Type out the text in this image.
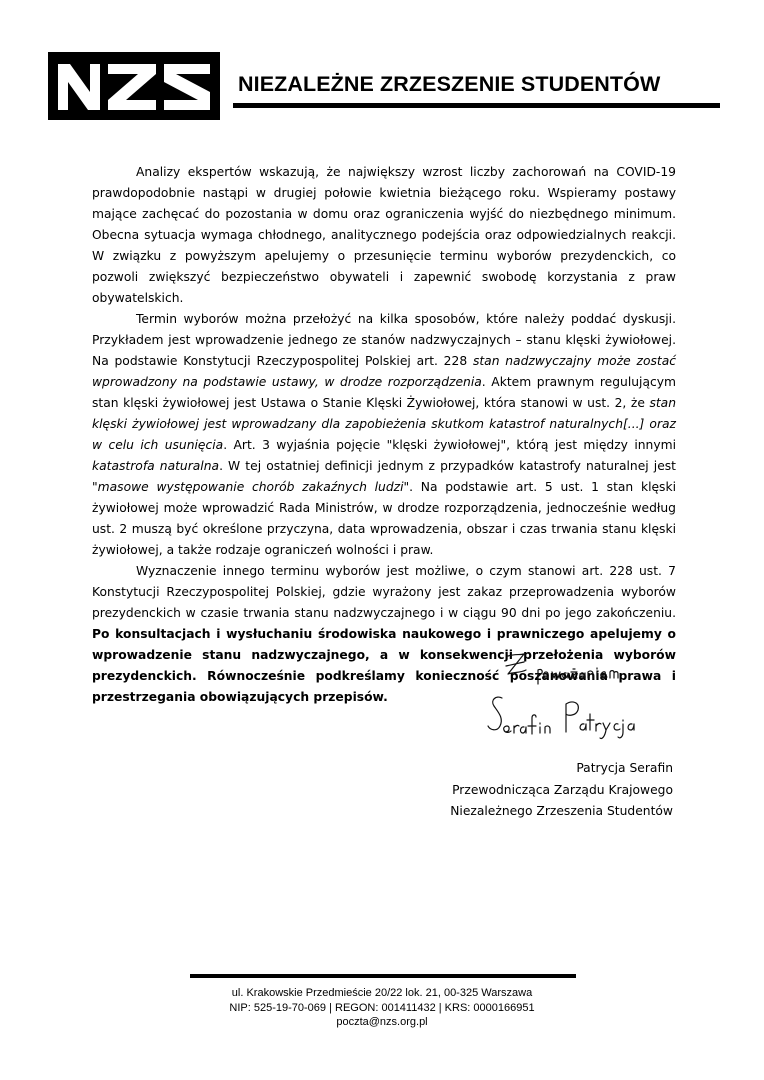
NIEZALEŻNE ZRZESZENIE STUDENTÓW

Analizy ekspertów wskazują, że największy wzrost liczby zachorowań na COVID-19 prawdopodobnie nastąpi w drugiej połowie kwietnia bieżącego roku. Wspieramy postawy mające zachęcać do pozostania w domu oraz ograniczenia wyjść do niezbędnego minimum. Obecna sytuacja wymaga chłodnego, analitycznego podejścia oraz odpowiedzialnych reakcji. W związku z powyższym apelujemy o przesunięcie terminu wyborów prezydenckich, co pozwoli zwiększyć bezpieczeństwo obywateli i zapewnić swobodę korzystania z praw obywatelskich.

Termin wyborów można przełożyć na kilka sposobów, które należy poddać dyskusji. Przykładem jest wprowadzenie jednego ze stanów nadzwyczajnych – stanu klęski żywiołowej. Na podstawie Konstytucji Rzeczypospolitej Polskiej art. 228 stan nadzwyczajny może zostać wprowadzony na podstawie ustawy, w drodze rozporządzenia. Aktem prawnym regulującym stan klęski żywiołowej jest Ustawa o Stanie Klęski Żywiołowej, która stanowi w ust. 2, że stan klęski żywiołowej jest wprowadzany dla zapobieżenia skutkom katastrof naturalnych[...] oraz w celu ich usunięcia. Art. 3 wyjaśnia pojęcie "klęski żywiołowej", którą jest między innymi katastrofa naturalna. W tej ostatniej definicji jednym z przypadków katastrofy naturalnej jest "masowe występowanie chorób zakaźnych ludzi". Na podstawie art. 5 ust. 1 stan klęski żywiołowej może wprowadzić Rada Ministrów, w drodze rozporządzenia, jednocześnie według ust. 2 muszą być określone przyczyna, data wprowadzenia, obszar i czas trwania stanu klęski żywiołowej, a także rodzaje ograniczeń wolności i praw.

Wyznaczenie innego terminu wyborów jest możliwe, o czym stanowi art. 228 ust. 7 Konstytucji Rzeczypospolitej Polskiej, gdzie wyrażony jest zakaz przeprowadzenia wyborów prezydenckich w czasie trwania stanu nadzwyczajnego i w ciągu 90 dni po jego zakończeniu. Po konsultacjach i wysłuchaniu środowiska naukowego i prawniczego apelujemy o wprowadzenie stanu nadzwyczajnego, a w konsekwencji przełożenia wyborów prezydenckich. Równocześnie podkreślamy konieczność poszanowania prawa i przestrzegania obowiązujących przepisów.

Patrycja Serafin
Przewodnicząca Zarządu Krajowego
Niezależnego Zrzeszenia Studentów
ul. Krakowskie Przedmieście 20/22 lok. 21, 00-325 Warszawa
NIP: 525-19-70-069 | REGON: 001411432 | KRS: 0000166951
poczta@nzs.org.pl
